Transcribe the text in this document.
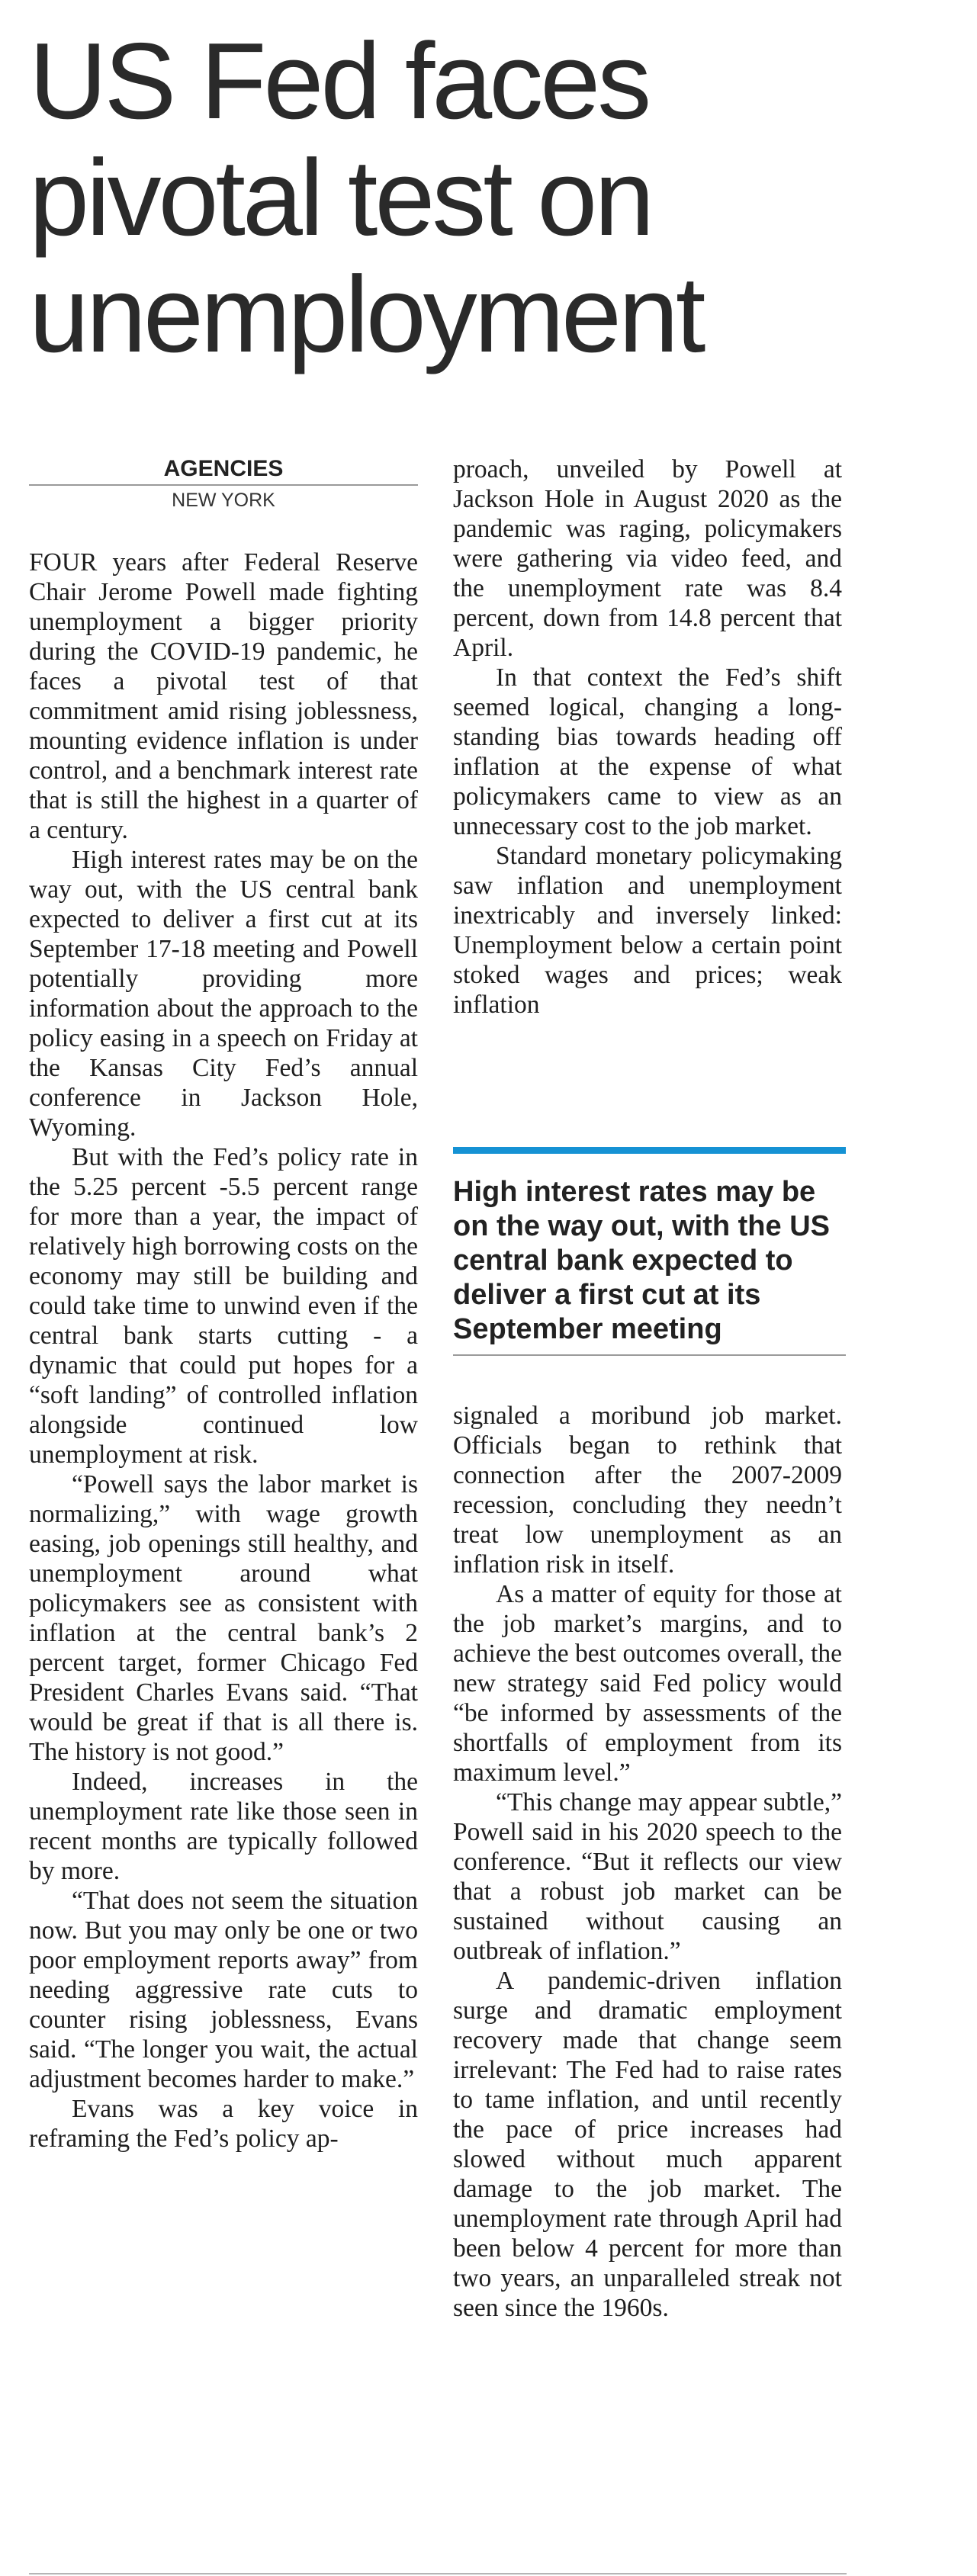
US Fed faces
pivotal test on
unemployment
AGENCIES
NEW YORK

FOUR years after Federal Reserve Chair Jerome Powell made fighting unemployment a bigger priority during the COVID-19 pandemic, he faces a pivotal test of that commitment amid rising joblessness, mounting evidence inflation is under control, and a benchmark interest rate that is still the highest in a quarter of a century.

High interest rates may be on the way out, with the US central bank expected to deliver a first cut at its September 17-18 meeting and Powell potentially providing more information about the approach to the policy easing in a speech on Friday at the Kansas City Fed’s annual conference in Jackson Hole, Wyoming.

But with the Fed’s policy rate in the 5.25 percent -5.5 percent range for more than a year, the impact of relatively high borrowing costs on the economy may still be building and could take time to unwind even if the central bank starts cutting - a dynamic that could put hopes for a “soft landing” of controlled inflation alongside continued low unemployment at risk.

“Powell says the labor market is normalizing,” with wage growth easing, job openings still healthy, and unemployment around what policymakers see as consistent with inflation at the central bank’s 2 percent target, former Chicago Fed President Charles Evans said. “That would be great if that is all there is. The history is not good.”

Indeed, increases in the unemployment rate like those seen in recent months are typically followed by more.

“That does not seem the situation now. But you may only be one or two poor employment reports away” from needing aggressive rate cuts to counter rising joblessness, Evans said. “The longer you wait, the actual adjustment becomes harder to make.”

Evans was a key voice in reframing the Fed’s policy ap-

proach, unveiled by Powell at Jackson Hole in August 2020 as the pandemic was raging, policymakers were gathering via video feed, and the unemployment rate was 8.4 percent, down from 14.8 percent that April.

In that context the Fed’s shift seemed logical, changing a long-standing bias towards heading off inflation at the expense of what policymakers came to view as an unnecessary cost to the job market.

Standard monetary policymaking saw inflation and unemployment inextricably and inversely linked: Unemployment below a certain point stoked wages and prices; weak inflation

High interest rates may be on the way out, with the US central bank expected to deliver a first cut at its September meeting

signaled a moribund job market. Officials began to rethink that connection after the 2007-2009 recession, concluding they needn’t treat low unemployment as an inflation risk in itself.

As a matter of equity for those at the job market’s margins, and to achieve the best outcomes overall, the new strategy said Fed policy would “be informed by assessments of the shortfalls of employment from its maximum level.”

“This change may appear subtle,” Powell said in his 2020 speech to the conference. “But it reflects our view that a robust job market can be sustained without causing an outbreak of inflation.”

A pandemic-driven inflation surge and dramatic employment recovery made that change seem irrelevant: The Fed had to raise rates to tame inflation, and until recently the pace of price increases had slowed without much apparent damage to the job market. The unemployment rate through April had been below 4 percent for more than two years, an unparalleled streak not seen since the 1960s.
